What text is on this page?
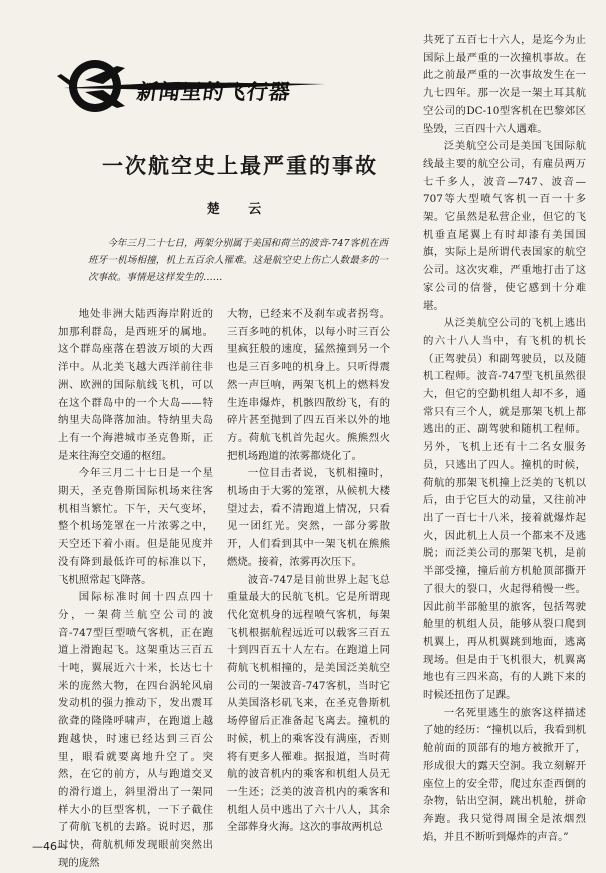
新闻里的飞行器
一次航空史上最严重的事故
楚 云

今年三月二十七日，两架分别属于美国和荷兰的波音-747客机在西班牙一机场相撞，机上五百余人罹难。这是航空史上伤亡人数最多的一次事故。事情是这样发生的……

地处非洲大陆西海岸附近的加那利群岛，是西班牙的属地。这个群岛座落在碧波万顷的大西洋中。从北美飞越大西洋前往非洲、欧洲的国际航线飞机，可以在这个群岛中的一个大岛——特纳里夫岛降落加油。特纳里夫岛上有一个海港城市圣克鲁斯，正是来往海空交通的枢纽。

今年三月二十七日是一个星期天，圣克鲁斯国际机场来往客机相当繁忙。下午，天气变坏，整个机场笼罩在一片浓雾之中，天空还下着小雨。但是能见度并没有降到最低许可的标准以下，飞机照常起飞降落。

国际标准时间十四点四十分，一架荷兰航空公司的波音-747型巨型喷气客机，正在跑道上滑跑起飞。这架重达三百五十吨，翼展近六十米，长达七十米的庞然大物，在四台涡轮风扇发动机的强力推动下，发出震耳欲聋的隆隆呼啸声，在跑道上越跑越快，时速已经达到三百公里，眼看就要离地升空了。突然，在它的前方，从与跑道交叉的滑行道上，斜里滑出了一架同样大小的巨型客机，一下子截住了荷航飞机的去路。说时迟，那时快，荷航机师发现眼前突然出现的庞然

大物，已经来不及刹车或者拐弯。三百多吨的机体，以每小时三百公里疯狂般的速度，猛然撞到另一个也是三百多吨的机身上。只听得震然一声巨响，两架飞机上的燃料发生连串爆炸，机骸四散纷飞，有的碎片甚至抛到了四五百米以外的地方。荷航飞机首先起火。熊熊烈火把机场跑道的浓雾都烧化了。

一位目击者说，飞机相撞时，机场由于大雾的笼罩，从候机大楼望过去，看不清跑道上情况，只看见一团红光。突然，一部分雾散开，人们看到其中一架飞机在熊熊燃烧。接着，浓雾再次压下。

波音-747是目前世界上起飞总重量最大的民航飞机。它是所谓现代化宽机身的远程喷气客机，每架飞机根据航程远近可以载客三百五十到四百五十人左右。在跑道上同荷航飞机相撞的，是美国泛美航空公司的一架波音-747客机，当时它从美国洛杉矶飞来，在圣克鲁斯机场停留后正准备起飞离去。撞机的时候，机上的乘客没有满座，否则将有更多人罹难。据报道，当时荷航的波音机内的乘客和机组人员无一生还；泛美的波音机内的乘客和机组人员中逃出了六十八人，其余全部葬身火海。这次的事故两机总

共死了五百七十六人，是迄今为止国际上最严重的一次撞机事故。在此之前最严重的一次事故发生在一九七四年。那一次是一架土耳其航空公司的DC-10型客机在巴黎郊区坠毁，三百四十六人遇难。

泛美航空公司是美国飞国际航线最主要的航空公司，有雇员两万七千多人，波音—747、波音—707等大型喷气客机一百一十多架。它虽然是私营企业，但它的飞机垂直尾翼上有时却漆有美国国旗，实际上是所谓代表国家的航空公司。这次灾难，严重地打击了这家公司的信誉，使它感到十分难堪。

从泛美航空公司的飞机上逃出的六十八人当中，有飞机的机长（正驾驶员）和副驾驶员，以及随机工程师。波音-747型飞机虽然很大，但它的空勤机组人却不多，通常只有三个人，就是那架飞机上都逃出的正、副驾驶和随机工程师。另外，飞机上还有十二名女服务员，只逃出了四人。撞机的时候，荷航的那架飞机撞上泛美的飞机以后，由于它巨大的动量，又往前冲出了一百七十八米，接着就爆炸起火，因此机上人员一个都来不及逃脱；而泛美公司的那架飞机，是前半部受撞，撞后前方机舱顶部撕开了很大的裂口，火起得稍慢一些。因此前半部舱里的旅客，包括驾驶舱里的机组人员，能够从裂口爬到机翼上，再从机翼跳到地面，逃离现场。但是由于飞机很大，机翼离地也有三四米高，有的人跳下来的时候还扭伤了足踝。

一名死里逃生的旅客这样描述了她的经历：“撞机以后，我看到机舱前面的顶部有的地方被掀开了，形成很大的露天空洞。我立刻解开座位上的安全带，爬过东歪西倒的杂物，钻出空洞，跳出机舱，拼命奔跑。我只觉得周围全是浓烟烈焰，并且不断听到爆炸的声音。”

—46—
